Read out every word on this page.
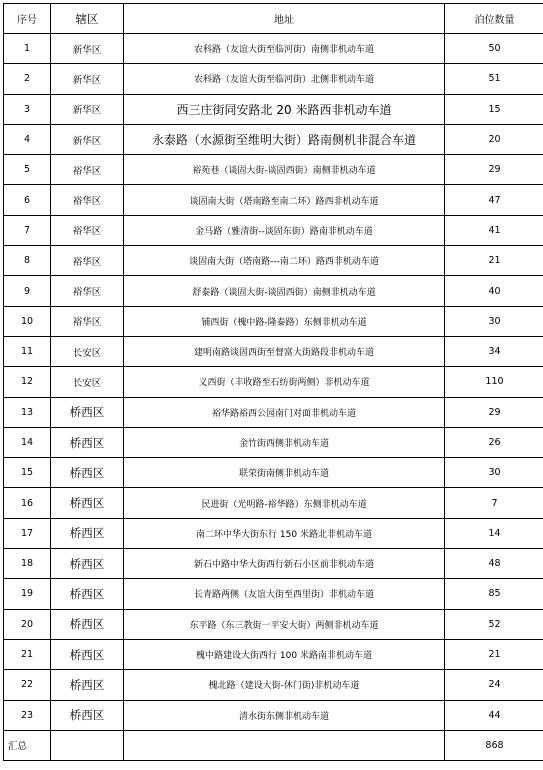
序号	辖区	地址	泊位数量
1	新华区	农科路（友谊大街至临河街）南侧非机动车道	50
2	新华区	农科路（友谊大街至临河街）北侧非机动车道	51
3	新华区	西三庄街同安路北 20 米路西非机动车道	15
4	新华区	永泰路（水源街至维明大街）路南侧机非混合车道	20
5	裕华区	裕苑巷（谈固大街-谈固西街）南侧非机动车道	29
6	裕华区	谈固南大街（塔南路至南二环）路西非机动车道	47
7	裕华区	金马路（雅清街--谈固东街）路南非机动车道	41
8	裕华区	谈固南大街（塔南路---南二环）路西非机动车道	21
9	裕华区	舒泰路（谈固大街-谈固西街）南侧非机动车道	40
10	裕华区	铺西街（槐中路-隆泰路）东侧非机动车道	30
11	长安区	建明南路谈固西街至督富大街路段非机动车道	34
12	长安区	义西街（丰收路至石纺街两侧）非机动车道	110
13	桥西区	裕华路裕西公园南门对面非机动车道	29
14	桥西区	金竹街西侧非机动车道	26
15	桥西区	联荣街南侧非机动车道	30
16	桥西区	民进街（光明路-裕华路）东侧非机动车道	7
17	桥西区	南二环中华大街东行 150 米路北非机动车道	14
18	桥西区	新石中路中华大街西行新石小区前非机动车道	48
19	桥西区	长青路两侧（友谊大街至西里街）非机动车道	85
20	桥西区	东平路（东三教街一平安大街）两侧非机动车道	52
21	桥西区	槐中路建设大街西行 100 米路南非机动车道	21
22	桥西区	槐北路（建设大街-休门街)非机动车道	24
23	桥西区	清水街东侧非机动车道	44
汇总			868
